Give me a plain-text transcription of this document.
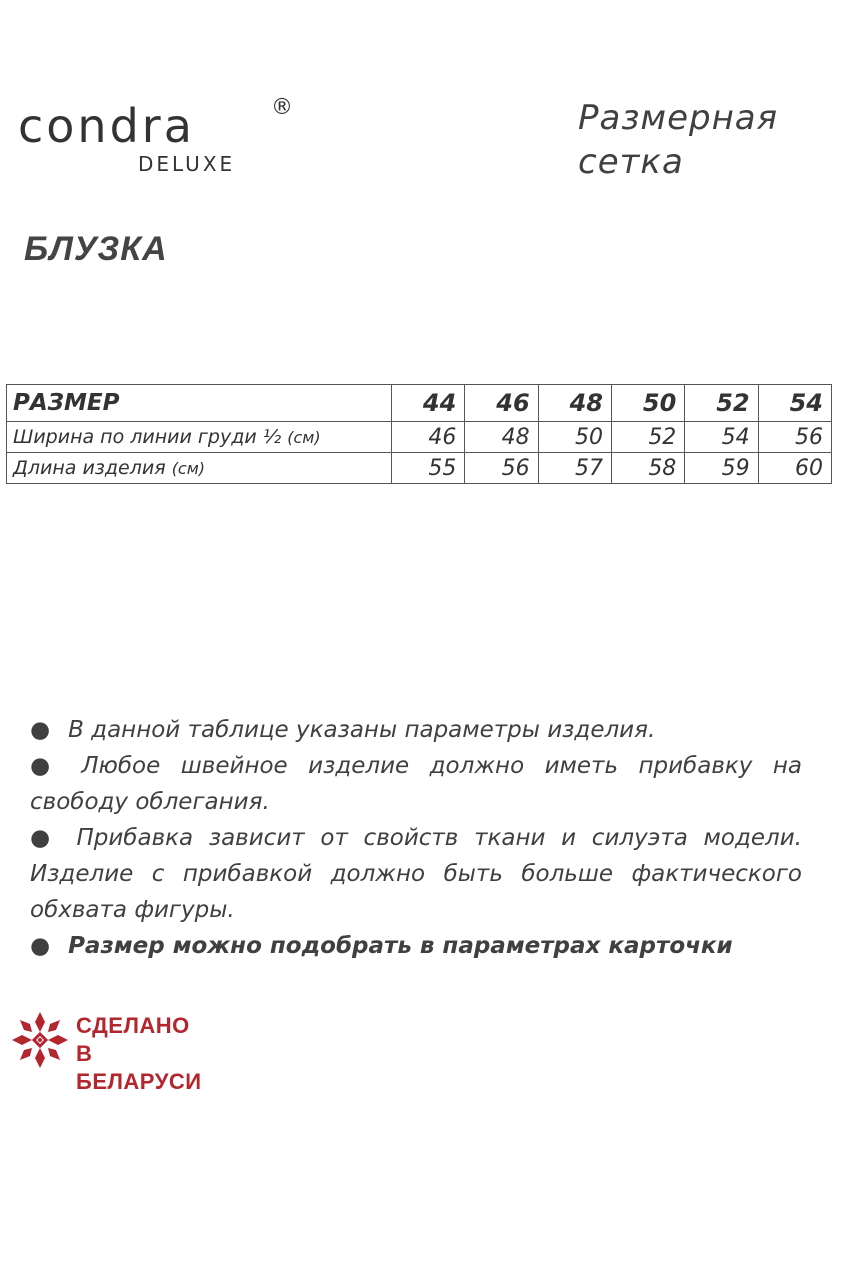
condra	®
DELUXE
Размерная
сетка
БЛУЗКА
РАЗМЕР	44	46	48	50	52	54
Ширина по линии груди ½ (см)	46	48	50	52	54	56
Длина изделия (см)	55	56	57	58	59	60

● В данной таблице указаны параметры изделия.

● Любое швейное изделие должно иметь прибавку на свободу облегания.

● Прибавка зависит от свойств ткани и силуэта модели. Изделие с прибавкой должно быть больше фактического обхвата фигуры.

● Размер можно подобрать в параметрах карточки

СДЕЛАНО
В БЕЛАРУСИ
